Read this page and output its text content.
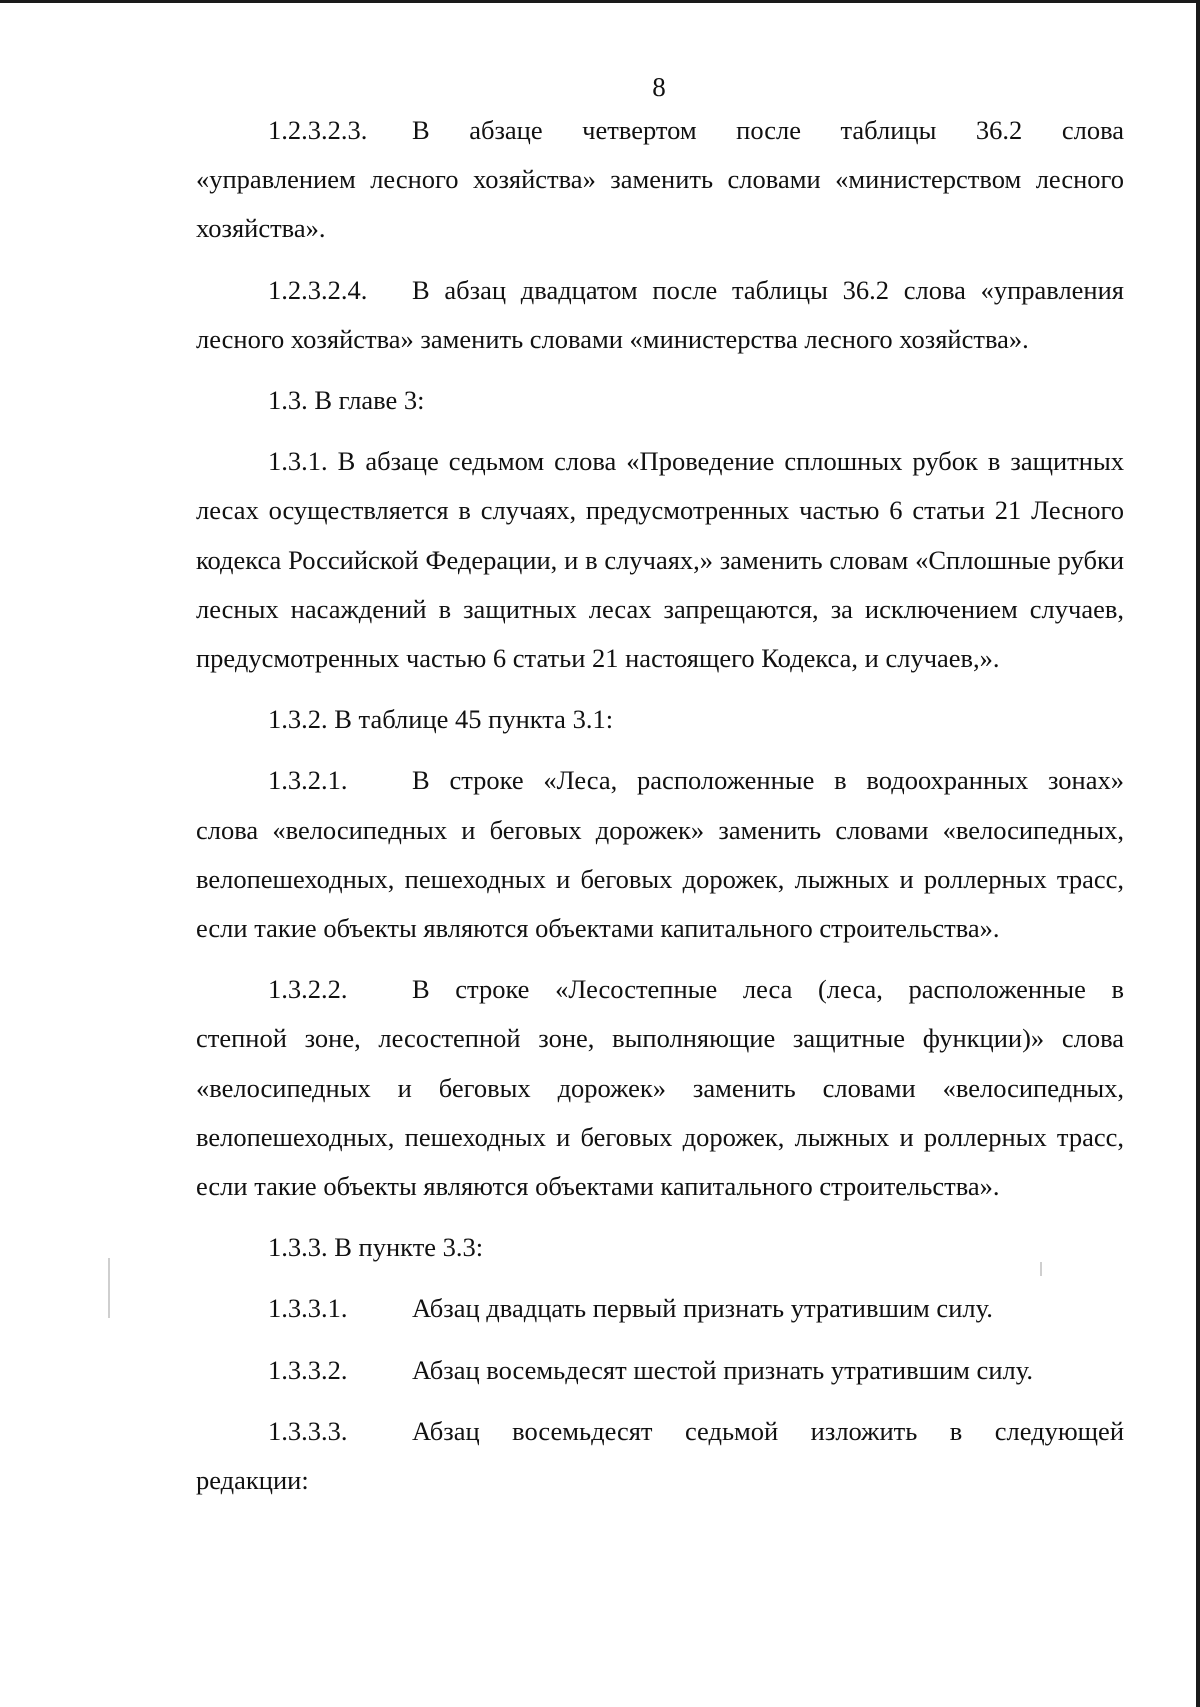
8
1.2.3.2.3.	В абзаце четвертом после таблицы 36.2 слова

«управлением лесного хозяйства» заменить словами «министерством лесного хозяйства».

1.2.3.2.4.	В абзац двадцатом после таблицы 36.2 слова «управления

лесного хозяйства» заменить словами «министерства лесного хозяйства».

1.3. В главе 3:

1.3.1. В абзаце седьмом слова «Проведение сплошных рубок в защитных лесах осуществляется в случаях, предусмотренных частью 6 статьи 21 Лесного кодекса Российской Федерации, и в случаях,» заменить словам «Сплошные рубки лесных насаждений в защитных лесах запрещаются, за исключением случаев, предусмотренных частью 6 статьи 21 настоящего Кодекса, и случаев,».

1.3.2. В таблице 45 пункта 3.1:

1.3.2.1.	В строке «Леса, расположенные в водоохранных зонах»

слова «велосипедных и беговых дорожек» заменить словами «велосипедных, велопешеходных, пешеходных и беговых дорожек, лыжных и роллерных трасс, если такие объекты являются объектами капитального строительства».

1.3.2.2.	В строке «Лесостепные леса (леса, расположенные в

степной зоне, лесостепной зоне, выполняющие защитные функции)» слова «велосипедных и беговых дорожек» заменить словами «велосипедных, велопешеходных, пешеходных и беговых дорожек, лыжных и роллерных трасс, если такие объекты являются объектами капитального строительства».

1.3.3. В пункте 3.3:

1.3.3.1.	Абзац двадцать первый признать утратившим силу.
1.3.3.2.	Абзац восемьдесят шестой признать утратившим силу.
1.3.3.3.	Абзац восемьдесят седьмой изложить в следующей

редакции:
